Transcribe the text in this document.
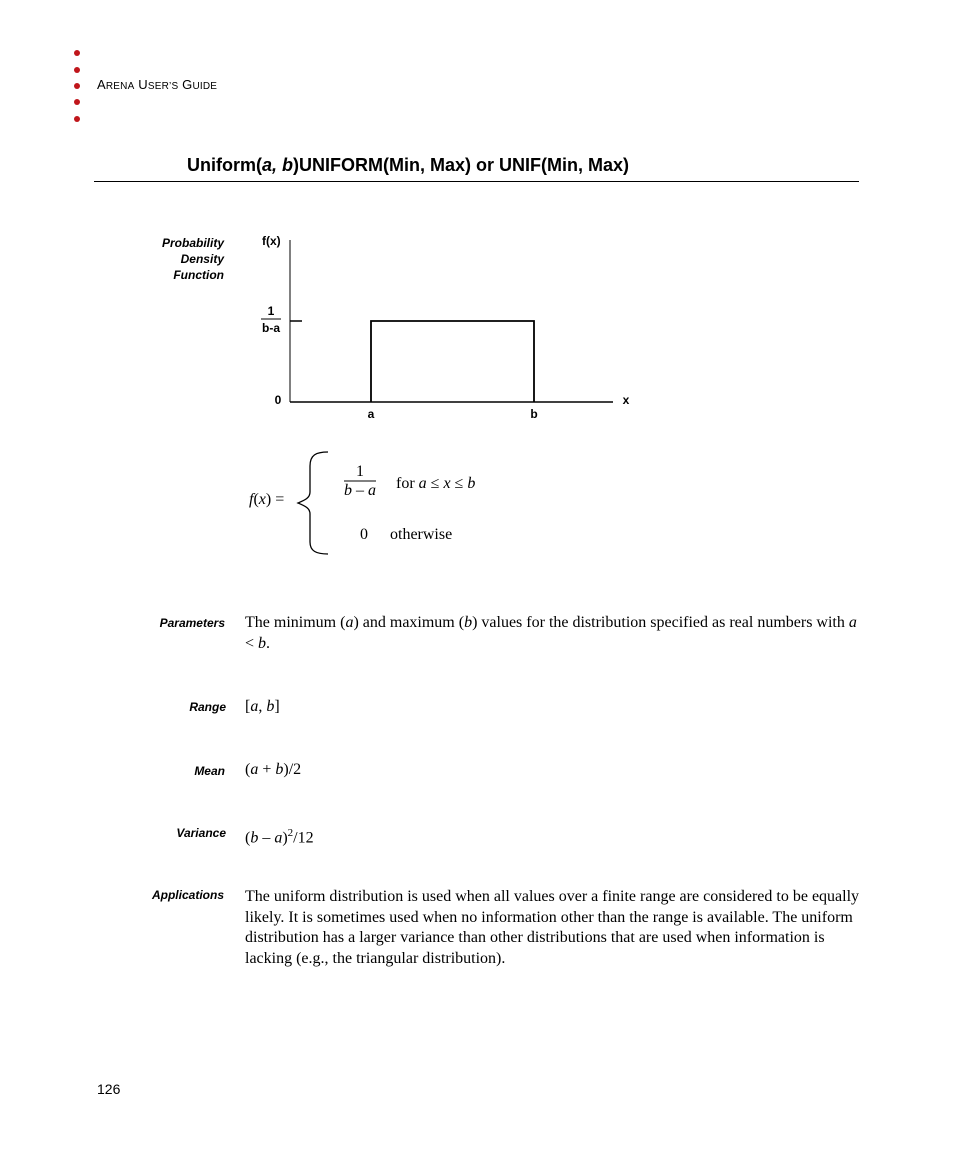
ARENA USER’S GUIDE
Uniform(a, b)UNIFORM(Min, Max) or UNIF(Min, Max)
Probability
Density
Function
f(x)
1
b-a
0
a	b
x
f(x) =
1
b – a for a ≤ x ≤ b
0 otherwise
Parameters The minimum (a) and maximum (b) values for the distribution specified as real numbers with a < b.
Range [a, b]
Mean (a + b)/2
Variance (b – a)$^2$/12
Applications The uniform distribution is used when all values over a finite range are considered to be equally likely. It is sometimes used when no information other than the range is available. The uniform distribution has a larger variance than other distributions that are used when information is lacking (e.g., the triangular distribution).
126
